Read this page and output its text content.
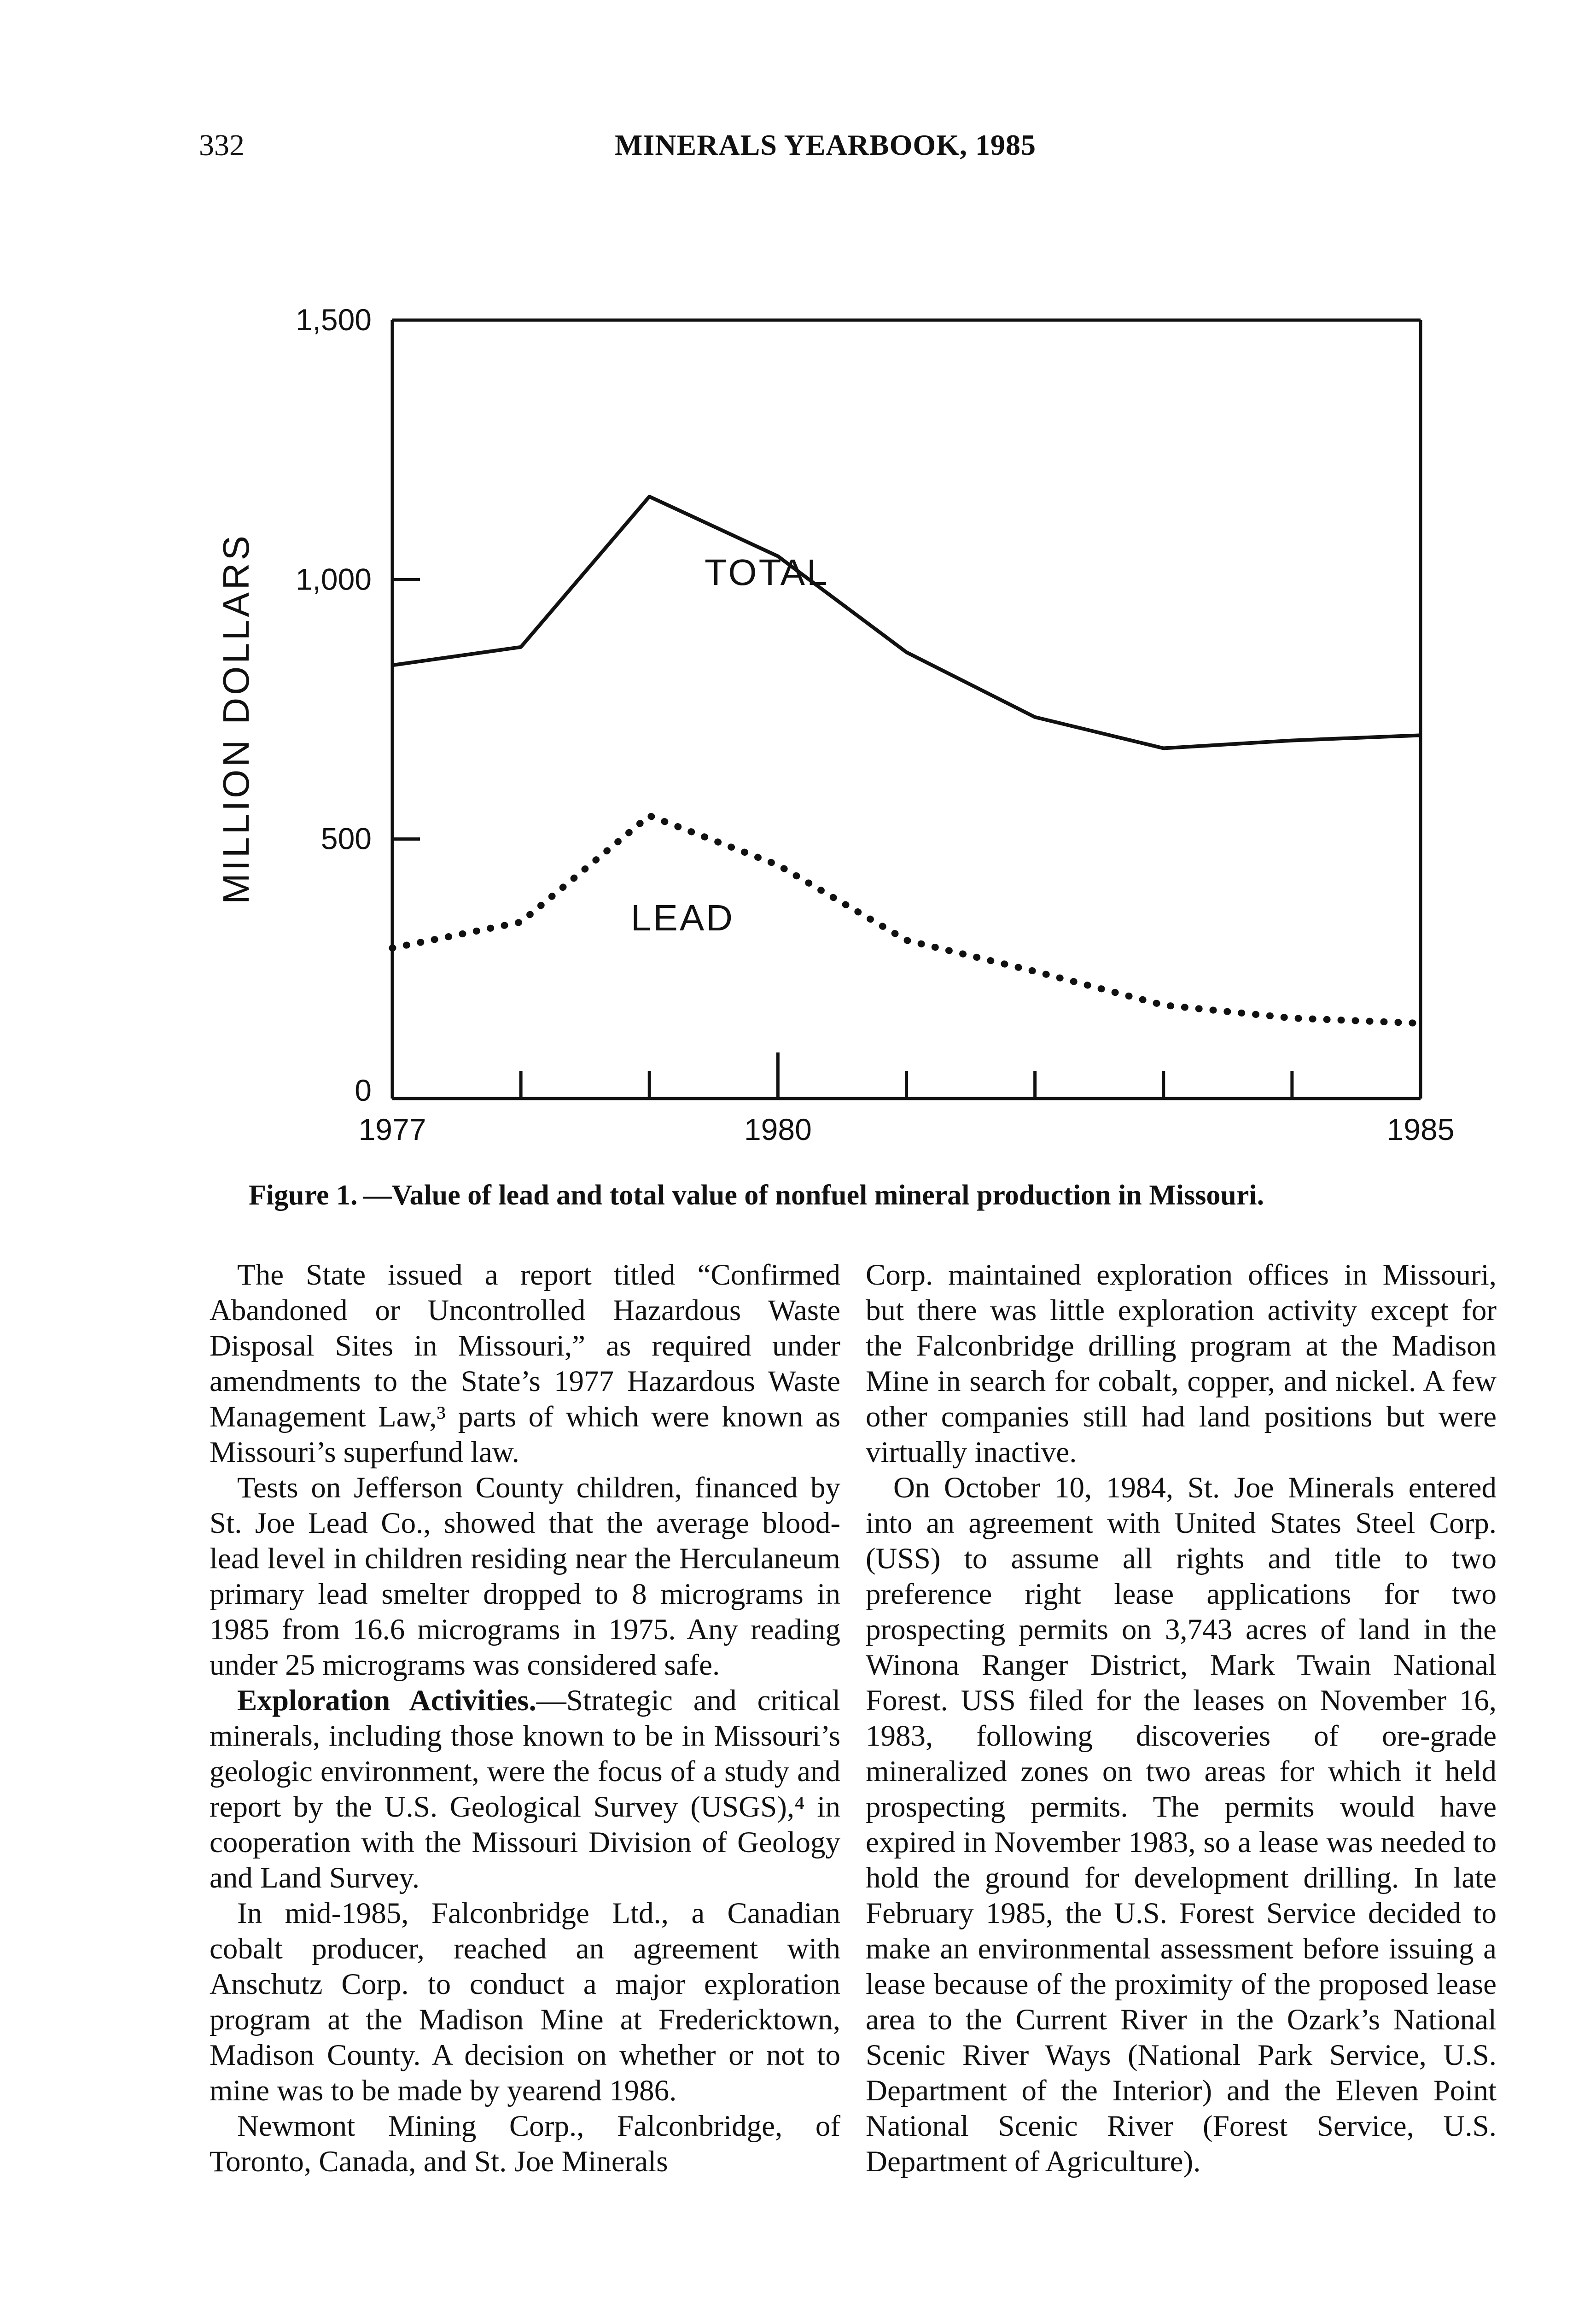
332	MINERALS YEARBOOK, 1985
0
500
1,000
1,500
1977	1980	1985
MILLION DOLLARS	TOTAL
LEAD
Figure 1. —Value of lead and total value of nonfuel mineral production in Missouri.

The State issued a report titled “Confirmed Abandoned or Uncontrolled Hazardous Waste Disposal Sites in Missouri,” as required under amendments to the State’s 1977 Hazardous Waste Management Law,³ parts of which were known as Missouri’s superfund law.

Tests on Jefferson County children, financed by St. Joe Lead Co., showed that the average blood-lead level in children residing near the Herculaneum primary lead smelter dropped to 8 micrograms in 1985 from 16.6 micrograms in 1975. Any reading under 25 micrograms was considered safe.

Exploration Activities.—Strategic and critical minerals, including those known to be in Missouri’s geologic environment, were the focus of a study and report by the U.S. Geological Survey (USGS),⁴ in cooperation with the Missouri Division of Geology and Land Survey.

In mid-1985, Falconbridge Ltd., a Canadian cobalt producer, reached an agreement with Anschutz Corp. to conduct a major exploration program at the Madison Mine at Fredericktown, Madison County. A decision on whether or not to mine was to be made by yearend 1986.

Newmont Mining Corp., Falconbridge, of Toronto, Canada, and St. Joe Minerals

Corp. maintained exploration offices in Missouri, but there was little exploration activity except for the Falconbridge drilling program at the Madison Mine in search for cobalt, copper, and nickel. A few other companies still had land positions but were virtually inactive.

On October 10, 1984, St. Joe Minerals entered into an agreement with United States Steel Corp. (USS) to assume all rights and title to two preference right lease applications for two prospecting permits on 3,743 acres of land in the Winona Ranger District, Mark Twain National Forest. USS filed for the leases on November 16, 1983, following discoveries of ore-grade mineralized zones on two areas for which it held prospecting permits. The permits would have expired in November 1983, so a lease was needed to hold the ground for development drilling. In late February 1985, the U.S. Forest Service decided to make an environmental assessment before issuing a lease because of the proximity of the proposed lease area to the Current River in the Ozark’s National Scenic River Ways (National Park Service, U.S. Department of the Interior) and the Eleven Point National Scenic River (Forest Service, U.S. Department of Agriculture).
